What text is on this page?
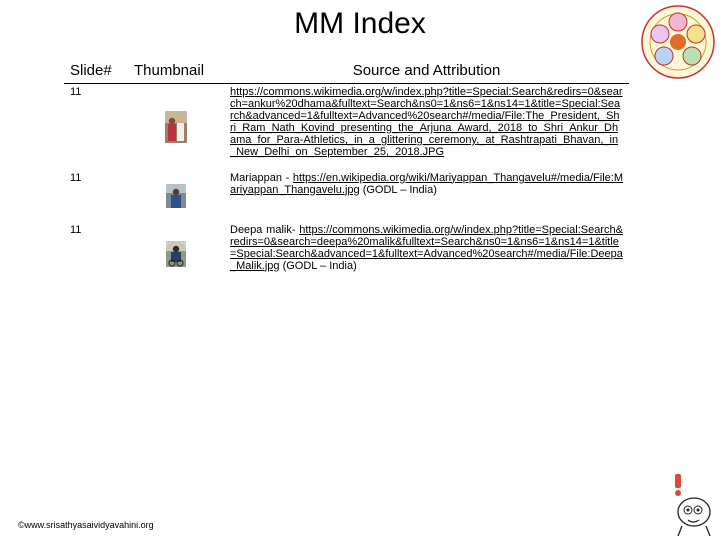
MM Index
Slide#	Thumbnail	Source and Attribution
11		https://commons.wikimedia.org/w/index.php?title=Special:Search&redirs=0&search=ankur%20dhama&fulltext=Search&ns0=1&ns6=1&ns14=1&title=Special:Search&advanced=1&fulltext=Advanced%20search#/media/File:The_President,_Shri_Ram_Nath_Kovind_presenting_the_Arjuna_Award,_2018_to_Shri_Ankur_Dhama_for_Para-Athletics,_in_a_glittering_ceremony,_at_Rashtrapati_Bhavan,_in_New_Delhi_on_September_25,_2018.JPG
11		Mariappan - https://en.wikipedia.org/wiki/Mariyappan_Thangavelu#/media/File:Mariyappan_Thangavelu.jpg (GODL – India)
11		Deepa malik- https://commons.wikimedia.org/w/index.php?title=Special:Search&redirs=0&search=deepa%20malik&fulltext=Search&ns0=1&ns6=1&ns14=1&title=Special:Search&advanced=1&fulltext=Advanced%20search#/media/File:Deepa_Malik.jpg (GODL – India)
©www.srisathyasaividyavahini.org
